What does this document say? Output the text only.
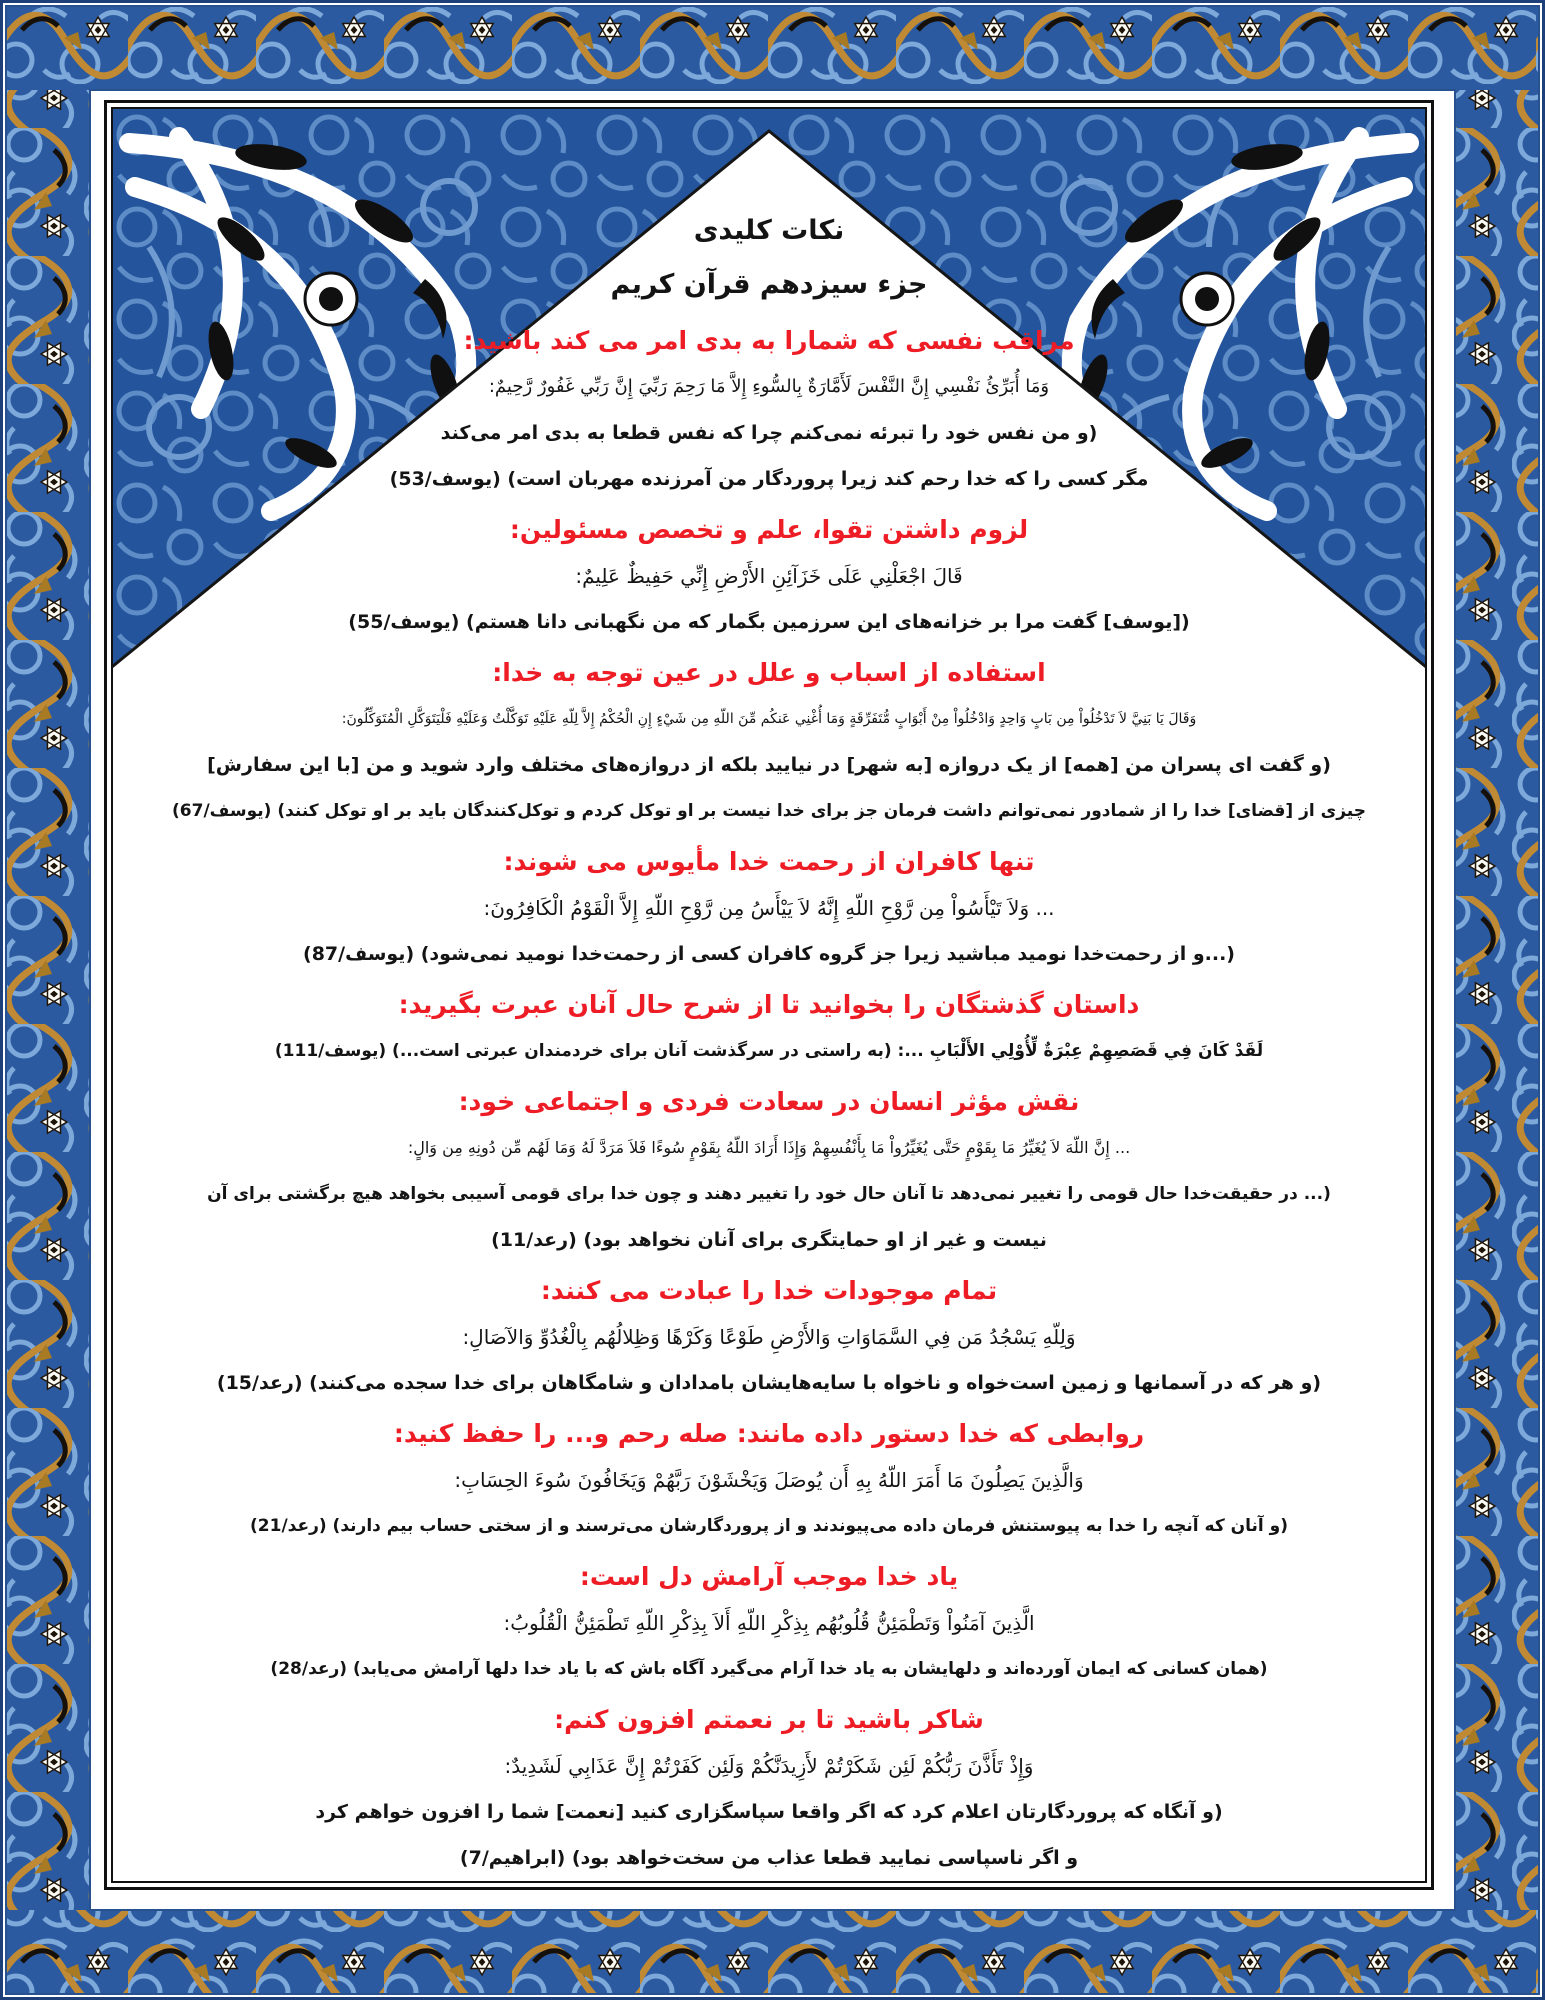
نکات کلیدی
جزء سیزدهم قرآن کریم
مراقب نفسی که شمارا به بدی امر می کند باشید:
وَمَا أُبَرِّئُ نَفْسِي إِنَّ النَّفْسَ لَأَمَّارَةٌ بِالسُّوءِ إِلاَّ مَا رَحِمَ رَبِّيَ إِنَّ رَبِّي غَفُورٌ رَّحِيمٌ:
(و من نفس خود را تبرئه نمی‌کنم چرا که نفس قطعا به بدی امر می‌کند
مگر کسی را که خدا رحم کند زیرا پروردگار من آمرزنده مهربان است) (یوسف/53)
لزوم داشتن تقوا، علم و تخصص مسئولین:
قَالَ اجْعَلْنِي عَلَى خَزَآئِنِ الأَرْضِ إِنِّي حَفِيظٌ عَلِيمٌ:
([یوسف] گفت مرا بر خزانه‌های این سرزمین بگمار که من نگهبانی دانا هستم) (یوسف/55)
استفاده از اسباب و علل در عین توجه به خدا:
وَقَالَ يَا بَنِيَّ لاَ تَدْخُلُواْ مِن بَابٍ وَاحِدٍ وَادْخُلُواْ مِنْ أَبْوَابٍ مُّتَفَرِّقَةٍ وَمَا أُغْنِي عَنكُم مِّنَ اللّهِ مِن شَيْءٍ إِنِ الْحُكْمُ إِلاَّ لِلّهِ عَلَيْهِ تَوَكَّلْتُ وَعَلَيْهِ فَلْيَتَوَكَّلِ الْمُتَوَكِّلُونَ:
(و گفت ای پسران من [همه] از یک دروازه [به شهر] در نیایید بلکه از دروازه‌های مختلف وارد شوید و من [با این سفارش]
چیزی از [قضای] خدا را از شمادور نمی‌توانم داشت فرمان جز برای خدا نیست بر او توکل کردم و توکل‌کنندگان باید بر او توکل کنند) (یوسف/67)
تنها کافران از رحمت خدا مأیوس می شوند:
... وَلاَ تَيْأَسُواْ مِن رَّوْحِ اللّهِ إِنَّهُ لاَ يَيْأَسُ مِن رَّوْحِ اللّهِ إِلاَّ الْقَوْمُ الْكَافِرُونَ:
(...و از رحمت‌خدا نومید مباشید زیرا جز گروه کافران کسی از رحمت‌خدا نومید نمی‌شود) (یوسف/87)
داستان گذشتگان را بخوانید تا از شرح حال آنان عبرت بگیرید:
لَقَدْ كَانَ فِي قَصَصِهِمْ عِبْرَةٌ لِّأُوْلِي الأَلْبَابِ ...: (به راستی در سرگذشت آنان برای خردمندان عبرتی است...) (یوسف/111)
نقش مؤثر انسان در سعادت فردی و اجتماعی خود:
... إِنَّ اللّهَ لاَ يُغَيِّرُ مَا بِقَوْمٍ حَتَّى يُغَيِّرُواْ مَا بِأَنْفُسِهِمْ وَإِذَا أَرَادَ اللّهُ بِقَوْمٍ سُوءًا فَلاَ مَرَدَّ لَهُ وَمَا لَهُم مِّن دُونِهِ مِن وَالٍ:
(... در حقیقت‌خدا حال قومی را تغییر نمی‌دهد تا آنان حال خود را تغییر دهند و چون خدا برای قومی آسیبی بخواهد هیچ برگشتی برای آن
نیست و غیر از او حمایتگری برای آنان نخواهد بود) (رعد/11)
تمام موجودات خدا را عبادت می کنند:
وَلِلّهِ يَسْجُدُ مَن فِي السَّمَاوَاتِ وَالأَرْضِ طَوْعًا وَكَرْهًا وَظِلالُهُم بِالْغُدُوِّ وَالآصَالِ:
(و هر که در آسمانها و زمین است‌خواه و ناخواه با سایه‌هایشان بامدادان و شامگاهان برای خدا سجده می‌کنند) (رعد/15)
روابطی که خدا دستور داده مانند: صله رحم و... را حفظ کنید:
وَالَّذِينَ يَصِلُونَ مَا أَمَرَ اللّهُ بِهِ أَن يُوصَلَ وَيَخْشَوْنَ رَبَّهُمْ وَيَخَافُونَ سُوءَ الحِسَابِ:
(و آنان که آنچه را خدا به پیوستنش فرمان داده می‌پیوندند و از پروردگارشان می‌ترسند و از سختی حساب بیم دارند) (رعد/21)
یاد خدا موجب آرامش دل است:
الَّذِينَ آمَنُواْ وَتَطْمَئِنُّ قُلُوبُهُم بِذِكْرِ اللّهِ أَلاَ بِذِكْرِ اللّهِ تَطْمَئِنُّ الْقُلُوبُ:
(همان کسانی که ایمان آورده‌اند و دلهایشان به یاد خدا آرام می‌گیرد آگاه باش که با یاد خدا دلها آرامش می‌یابد) (رعد/28)
شاکر باشید تا بر نعمتم افزون کنم:
وَإِذْ تَأَذَّنَ رَبُّكُمْ لَئِن شَكَرْتُمْ لأَزِيدَنَّكُمْ وَلَئِن كَفَرْتُمْ إِنَّ عَذَابِي لَشَدِيدٌ:
(و آنگاه که پروردگارتان اعلام کرد که اگر واقعا سپاسگزاری کنید [نعمت] شما را افزون خواهم کرد
و اگر ناسپاسی نمایید قطعا عذاب من سخت‌خواهد بود) (ابراهیم/7)
